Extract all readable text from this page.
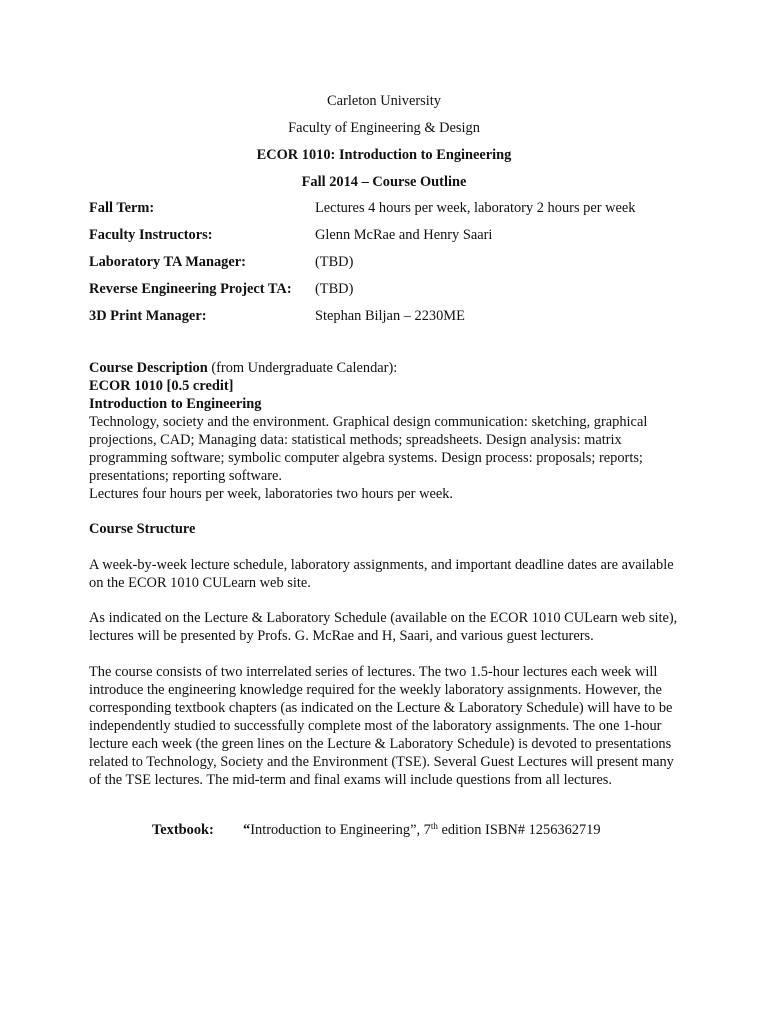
Carleton University
Faculty of Engineering & Design
ECOR 1010: Introduction to Engineering
Fall 2014 – Course Outline
Fall Term:	Lectures 4 hours per week, laboratory 2 hours per week
Faculty Instructors:	Glenn McRae and Henry Saari
Laboratory TA Manager:	(TBD)
Reverse Engineering Project TA: (TBD)
3D Print Manager:	Stephan Biljan – 2230ME

Course Description (from Undergraduate Calendar):

ECOR 1010 [0.5 credit]

Introduction to Engineering

Technology, society and the environment. Graphical design communication: sketching, graphical projections, CAD; Managing data: statistical methods; spreadsheets. Design analysis: matrix programming software; symbolic computer algebra systems. Design process: proposals; reports; presentations; reporting software.

Lectures four hours per week, laboratories two hours per week.

Course Structure
A week-by-week lecture schedule, laboratory assignments, and important deadline dates are available on the ECOR 1010 CULearn web site.
As indicated on the Lecture & Laboratory Schedule (available on the ECOR 1010 CULearn web site), lectures will be presented by Profs. G. McRae and H, Saari, and various guest lecturers.
The course consists of two interrelated series of lectures. The two 1.5-hour lectures each week will introduce the engineering knowledge required for the weekly laboratory assignments. However, the corresponding textbook chapters (as indicated on the Lecture & Laboratory Schedule) will have to be independently studied to successfully complete most of the laboratory assignments. The one 1-hour lecture each week (the green lines on the Lecture & Laboratory Schedule) is devoted to presentations related to Technology, Society and the Environment (TSE). Several Guest Lectures will present many of the TSE lectures. The mid-term and final exams will include questions from all lectures.
Textbook: “Introduction to Engineering”, 7th edition ISBN# 1256362719
